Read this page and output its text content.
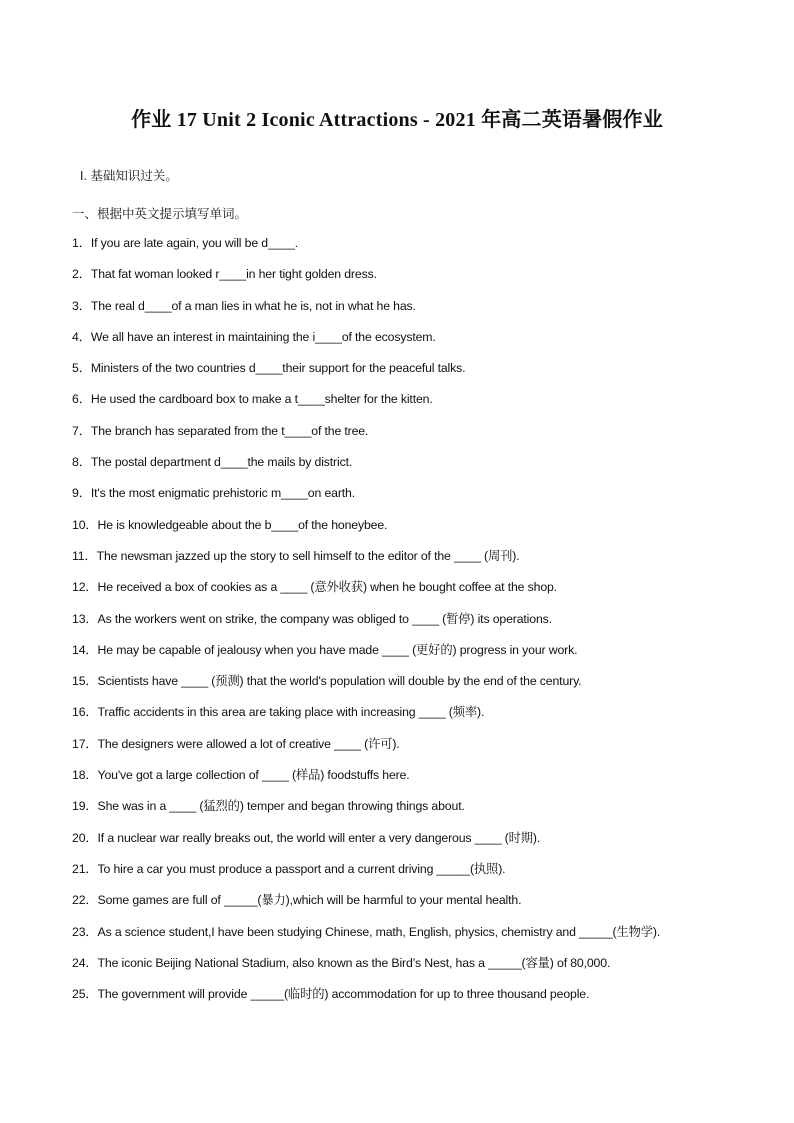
作业 17 Unit 2 Iconic Attractions - 2021 年高二英语暑假作业
I. 基础知识过关。
一、根据中英文提示填写单词。
1．If you are late again, you will be d____.
2．That fat woman looked r____in her tight golden dress.
3．The real d____of a man lies in what he is, not in what he has.
4．We all have an interest in maintaining the i____of the ecosystem.
5．Ministers of the two countries d____their support for the peaceful talks.
6．He used the cardboard box to make a t____shelter for the kitten.
7．The branch has separated from the t____of the tree.
8．The postal department d____the mails by district.
9．It's the most enigmatic prehistoric m____on earth.
10．He is knowledgeable about the b____of the honeybee.
11．The newsman jazzed up the story to sell himself to the editor of the ____ (周刊).
12．He received a box of cookies as a ____ (意外收获) when he bought coffee at the shop.
13．As the workers went on strike, the company was obliged to ____ (暂停) its operations.
14．He may be capable of jealousy when you have made ____ (更好的) progress in your work.
15．Scientists have ____ (预测) that the world's population will double by the end of the century.
16．Traffic accidents in this area are taking place with increasing ____ (频率).
17．The designers were allowed a lot of creative ____ (许可).
18．You've got a large collection of ____ (样品) foodstuffs here.
19．She was in a ____ (猛烈的) temper and began throwing things about.
20．If a nuclear war really breaks out, the world will enter a very dangerous ____ (时期).
21．To hire a car you must produce a passport and a current driving _____(执照).
22．Some games are full of _____(暴力),which will be harmful to your mental health.
23．As a science student,I have been studying Chinese, math, English, physics, chemistry and _____(生物学).
24．The iconic Beijing National Stadium, also known as the Bird’s Nest, has a _____(容量) of 80,000.
25．The government will provide _____(临时的) accommodation for up to three thousand people.
